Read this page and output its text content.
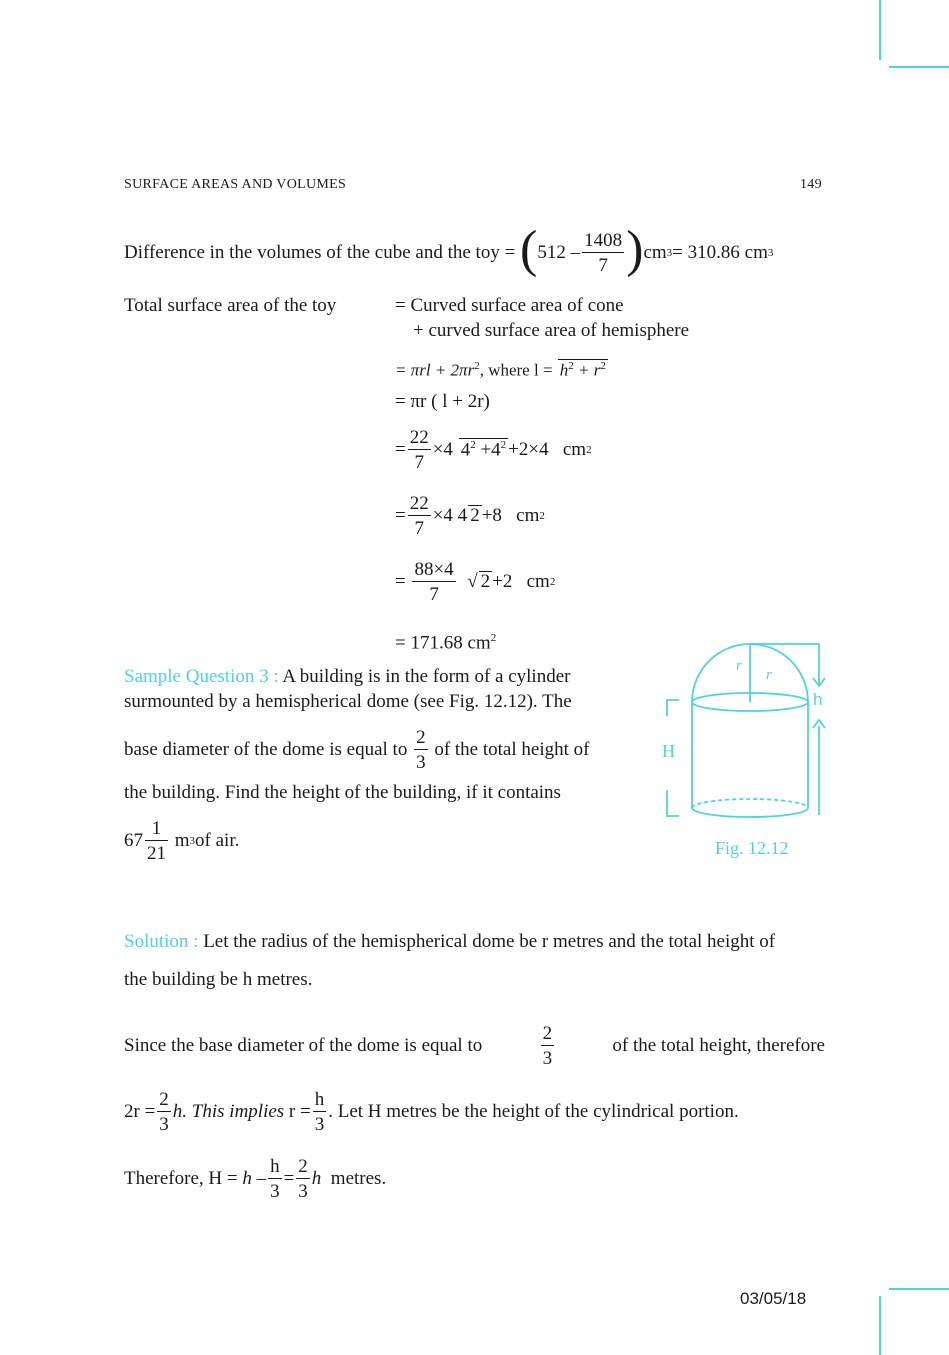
SURFACE AREAS AND VOLUMES	149
Difference in the volumes of the cube and the toy =
( $512 - \frac{1408}{7}$ ) cm 3 = 310.86 cm 3
Total surface area of the toy	= Curved surface area of cone
+ curved surface area of hemisphere
= $\pi rl + 2\pi r^2$, where $l = h^2 + r^2$
= πr ( l + 2r)
= $\frac{22}{7} \times 4$
$4^2 +4^2 +2\times 4$
cm 2
= $\frac{22}{7} \times 4$ 4 2 +8
cm 2
=
$\frac{88\times 4}{7}$
√ 2 +2
cm 2
= 171.68 $cm^2$
Sample Question 3 : A building is in the form of a cylinder
surmounted by a hemispherical dome (see Fig. 12.12). The
base diameter of the dome is equal to
$\frac{2}{3}$
of the total height of
the building. Find the height of the building, if it contains
$67 \frac{1}{21}$
m 3 of air.
r
r
h
H
Fig. 12.12
Solution : Let the radius of the hemispherical dome be r metres and the total height of
the building be h metres.
Since the base diameter of the dome is equal to	$\frac{2}{3}$	of the total height, therefore
$2r = \frac{2}{3} h$. This implies
$r = \frac{h}{3}$ . Let H metres be the height of the cylindrical portion.
Therefore, H =
$h - \frac{h}{3} = \frac{2}{3}$ h
metres.
03/05/18
